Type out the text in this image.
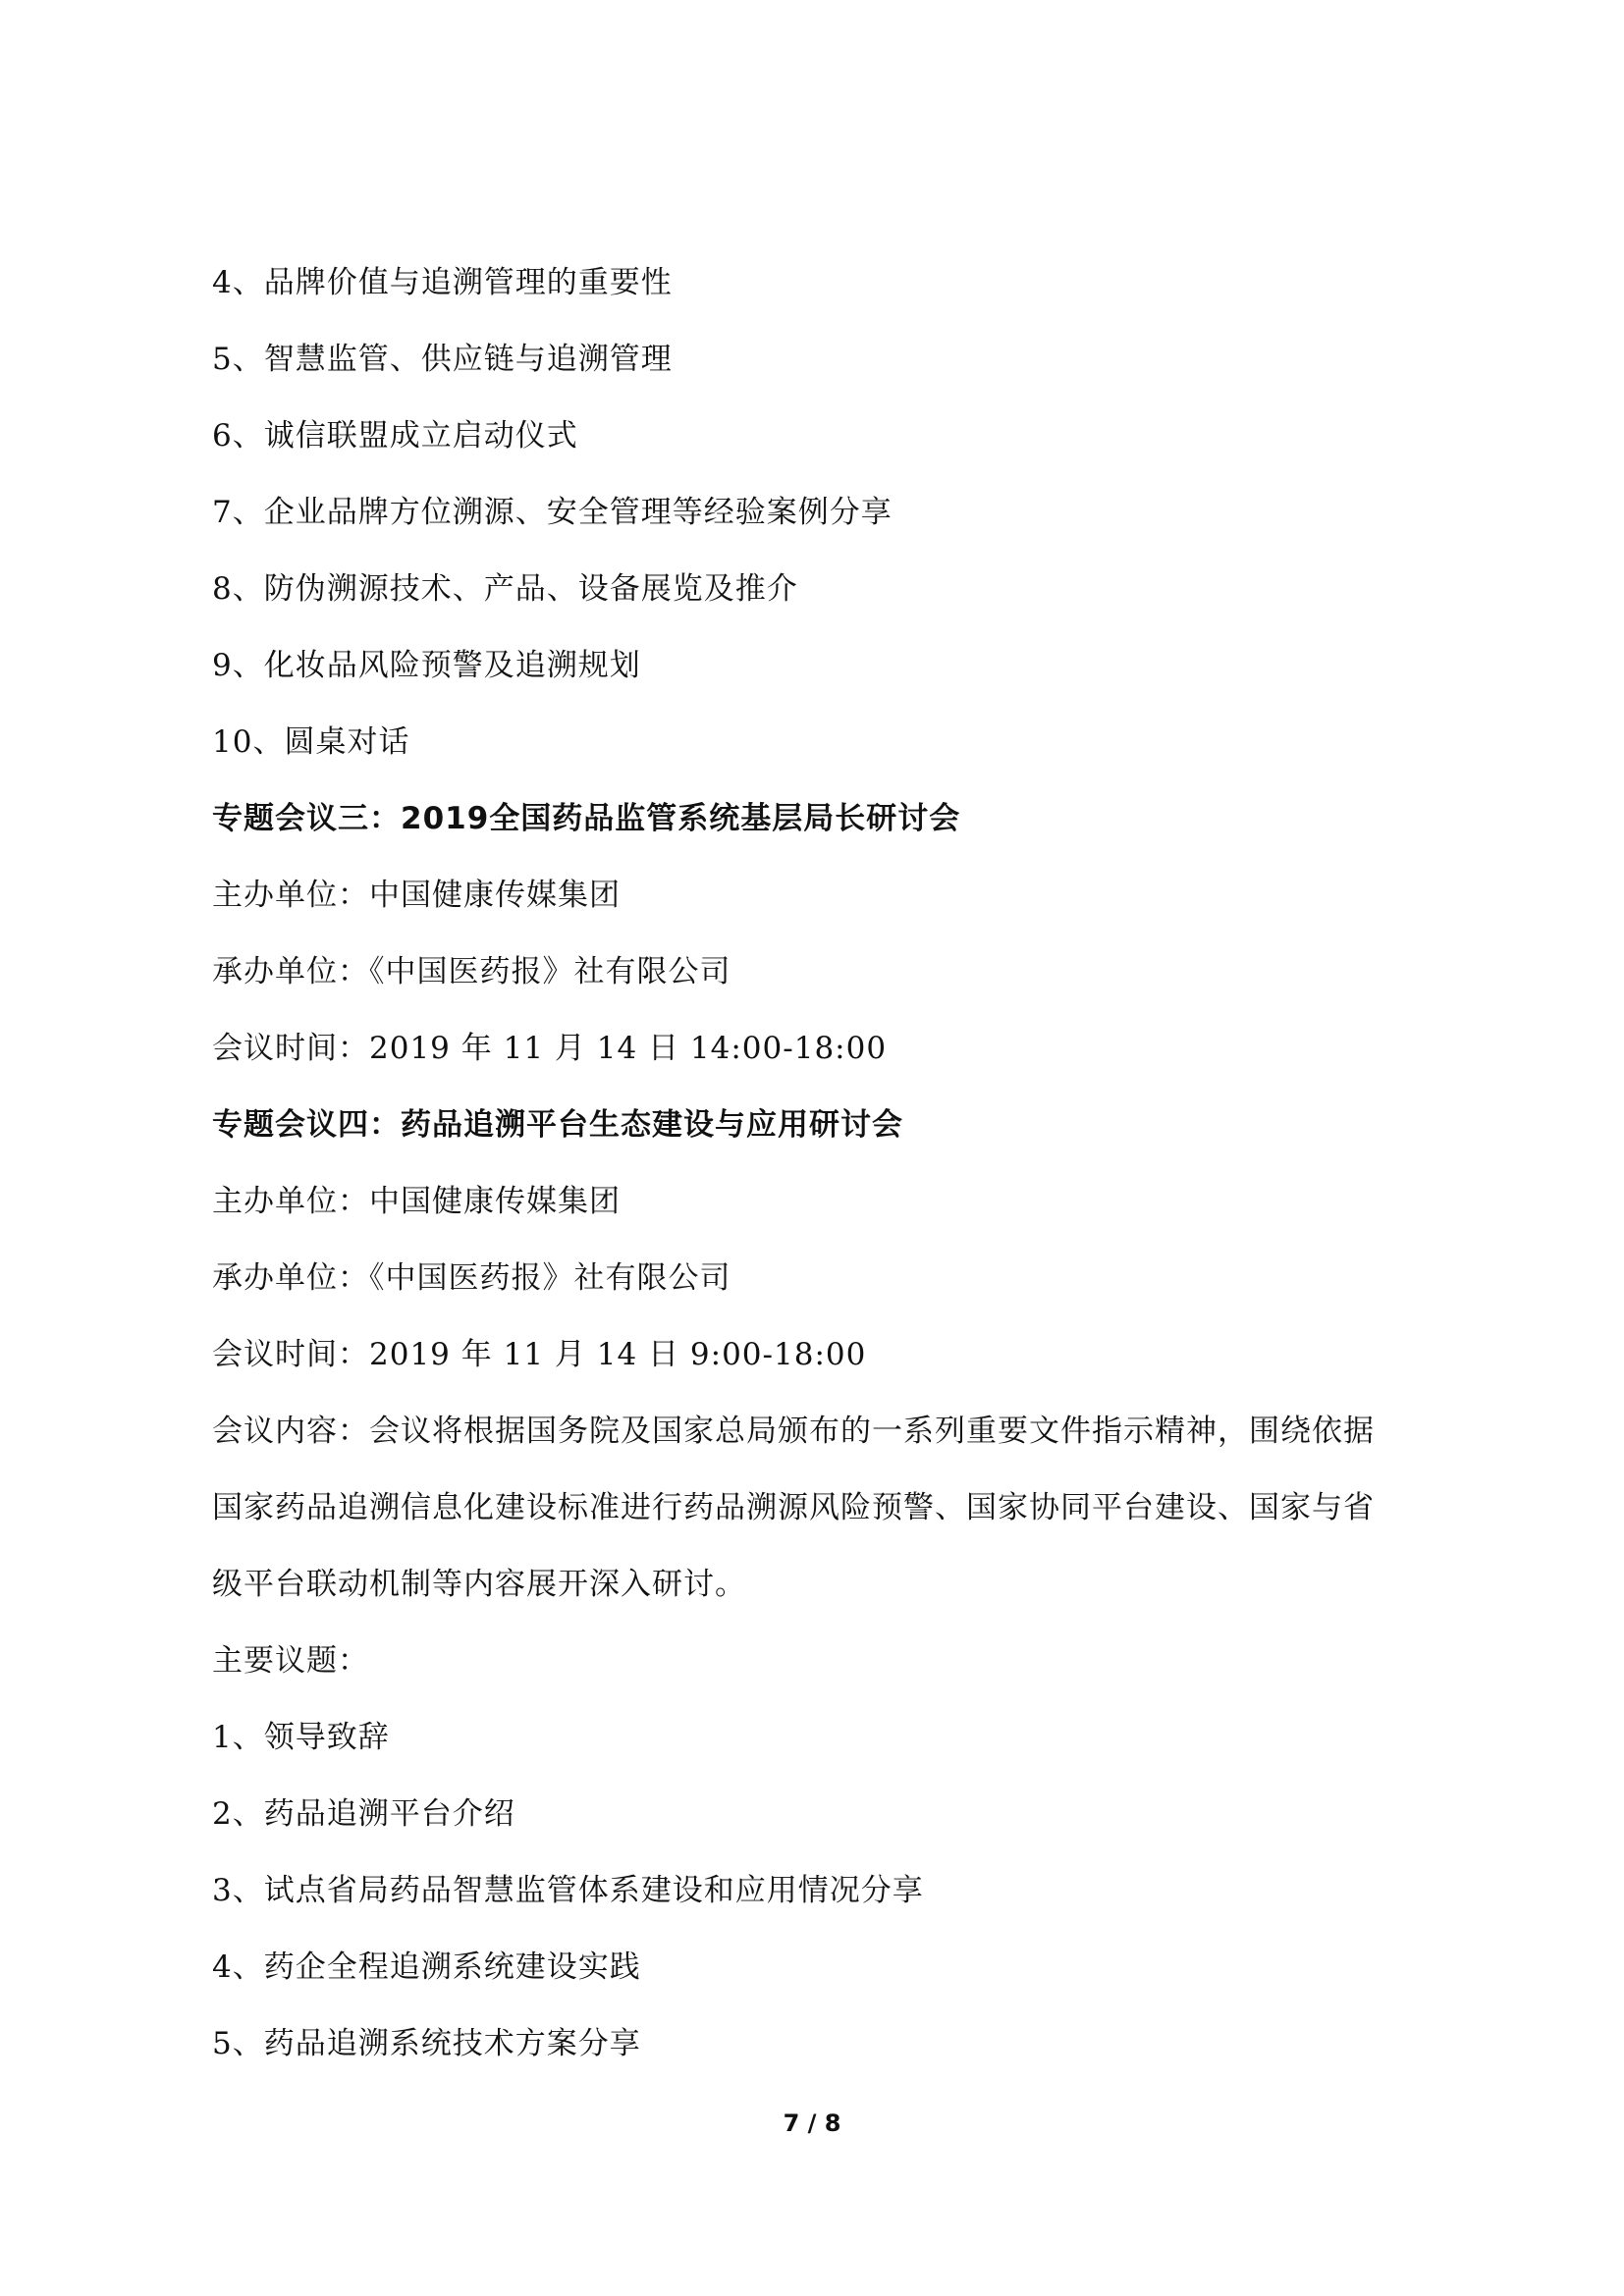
4、品牌价值与追溯管理的重要性
5、智慧监管、供应链与追溯管理
6、诚信联盟成立启动仪式
7、企业品牌方位溯源、安全管理等经验案例分享
8、防伪溯源技术、产品、设备展览及推介
9、化妆品风险预警及追溯规划
10、圆桌对话
专题会议三：2019全国药品监管系统基层局长研讨会
主办单位：中国健康传媒集团
承办单位：《中国医药报》社有限公司
会议时间：2019 年 11 月 14 日 14:00-18:00
专题会议四：药品追溯平台生态建设与应用研讨会
主办单位：中国健康传媒集团
承办单位：《中国医药报》社有限公司
会议时间：2019 年 11 月 14 日 9:00-18:00
会议内容：会议将根据国务院及国家总局颁布的一系列重要文件指示精神，围绕依据
国家药品追溯信息化建设标准进行药品溯源风险预警、国家协同平台建设、国家与省
级平台联动机制等内容展开深入研讨。
主要议题：
1、领导致辞
2、药品追溯平台介绍
3、试点省局药品智慧监管体系建设和应用情况分享
4、药企全程追溯系统建设实践
5、药品追溯系统技术方案分享
7 / 8
